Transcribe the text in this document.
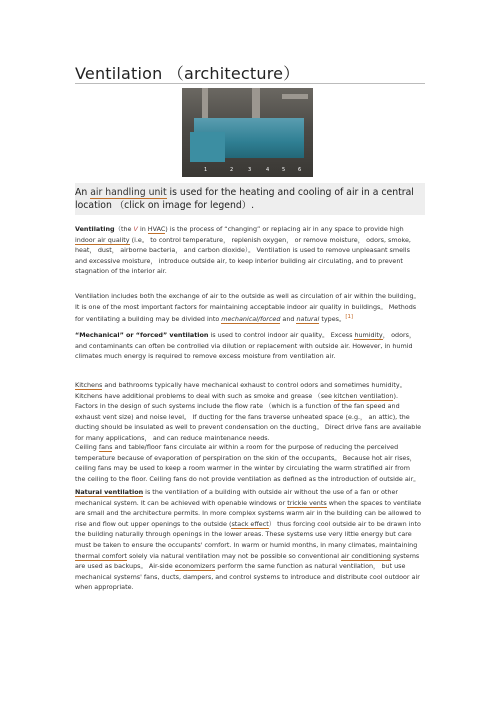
Ventilation （architecture）
1	2	3	4	5	6
An air handling unit is used for the heating and cooling of air in a central location （click on image for legend）.

Ventilating（the V in HVAC) is the process of “changing” or replacing air in any space to provide high indoor air quality (i.e。 to control temperature， replenish oxygen， or remove moisture， odors, smoke, heat， dust， airborne bacteria， and carbon dioxide）。 Ventilation is used to remove unpleasant smells and excessive moisture， introduce outside air, to keep interior building air circulating, and to prevent stagnation of the interior air.

Ventilation includes both the exchange of air to the outside as well as circulation of air within the building。 It is one of the most important factors for maintaining acceptable indoor air quality in buildings。 Methods for ventilating a building may be divided into mechanical/forced and natural types。[1]

“Mechanical” or “forced” ventilation is used to control indoor air quality。 Excess humidity， odors， and contaminants can often be controlled via dilution or replacement with outside air. However, in humid climates much energy is required to remove excess moisture from ventilation air.

Kitchens and bathrooms typically have mechanical exhaust to control odors and sometimes humidity。 Kitchens have additional problems to deal with such as smoke and grease （see kitchen ventilation). Factors in the design of such systems include the flow rate （which is a function of the fan speed and exhaust vent size) and noise level。 If ducting for the fans traverse unheated space (e.g.， an attic), the ducting should be insulated as well to prevent condensation on the ducting。 Direct drive fans are available for many applications， and can reduce maintenance needs.

Ceiling fans and table/floor fans circulate air within a room for the purpose of reducing the perceived temperature because of evaporation of perspiration on the skin of the occupants。 Because hot air rises， ceiling fans may be used to keep a room warmer in the winter by circulating the warm stratified air from the ceiling to the floor. Ceiling fans do not provide ventilation as defined as the introduction of outside air。

Natural ventilation is the ventilation of a building with outside air without the use of a fan or other mechanical system. It can be achieved with openable windows or trickle vents when the spaces to ventilate are small and the architecture permits. In more complex systems warm air in the building can be allowed to rise and flow out upper openings to the outside (stack effect） thus forcing cool outside air to be drawn into the building naturally through openings in the lower areas. These systems use very little energy but care must be taken to ensure the occupants' comfort. In warm or humid months, in many climates, maintaining thermal comfort solely via natural ventilation may not be possible so conventional air conditioning systems are used as backups。 Air-side economizers perform the same function as natural ventilation， but use mechanical systems' fans, ducts, dampers, and control systems to introduce and distribute cool outdoor air when appropriate.
